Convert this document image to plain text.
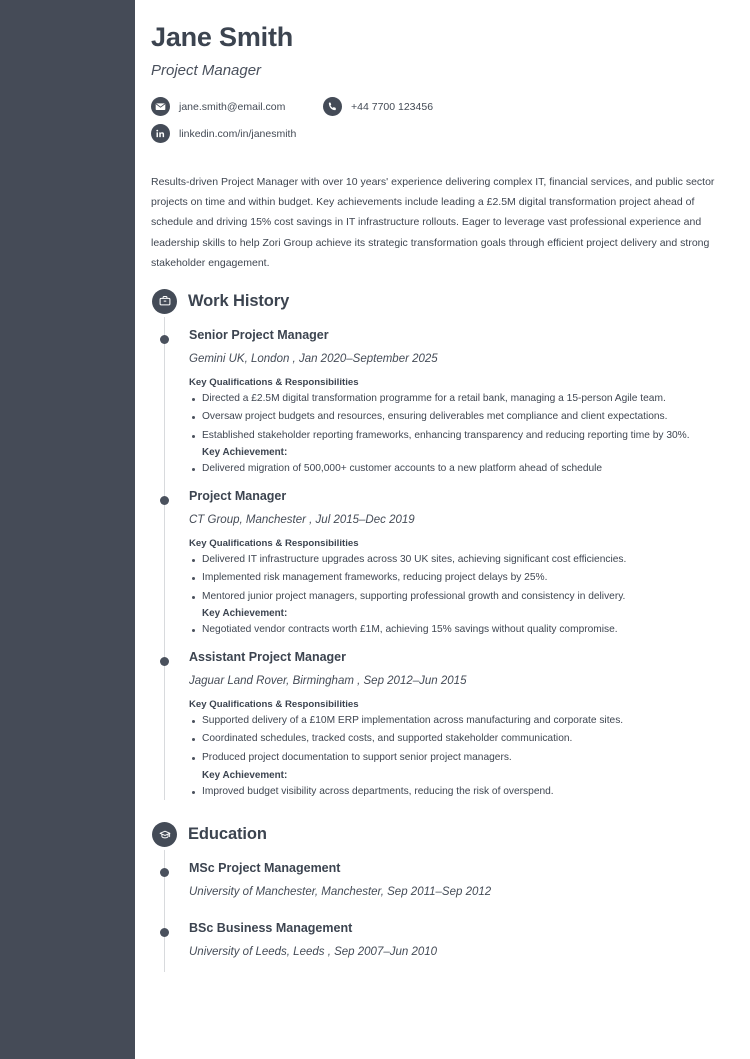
Jane Smith
Project Manager
jane.smith@email.com	+44 7700 123456
linkedin.com/in/janesmith
Results-driven Project Manager with over 10 years' experience delivering complex IT, financial services, and public sector projects on time and within budget. Key achievements include leading a £2.5M digital transformation project ahead of schedule and driving 15% cost savings in IT infrastructure rollouts. Eager to leverage vast professional experience and leadership skills to help Zori Group achieve its strategic transformation goals through efficient project delivery and strong stakeholder engagement.
Work History
Senior Project Manager
Gemini UK, London , Jan 2020–September 2025
Key Qualifications & Responsibilities
Directed a £2.5M digital transformation programme for a retail bank, managing a 15-person Agile team.
Oversaw project budgets and resources, ensuring deliverables met compliance and client expectations.
Established stakeholder reporting frameworks, enhancing transparency and reducing reporting time by 30%.
Key Achievement:
Delivered migration of 500,000+ customer accounts to a new platform ahead of schedule
Project Manager
CT Group, Manchester , Jul 2015–Dec 2019
Key Qualifications & Responsibilities
Delivered IT infrastructure upgrades across 30 UK sites, achieving significant cost efficiencies.
Implemented risk management frameworks, reducing project delays by 25%.
Mentored junior project managers, supporting professional growth and consistency in delivery.
Key Achievement:
Negotiated vendor contracts worth £1M, achieving 15% savings without quality compromise.
Assistant Project Manager
Jaguar Land Rover, Birmingham , Sep 2012–Jun 2015
Key Qualifications & Responsibilities
Supported delivery of a £10M ERP implementation across manufacturing and corporate sites.
Coordinated schedules, tracked costs, and supported stakeholder communication.
Produced project documentation to support senior project managers.
Key Achievement:
Improved budget visibility across departments, reducing the risk of overspend.
Education
MSc Project Management
University of Manchester, Manchester, Sep 2011–Sep 2012
BSc Business Management
University of Leeds, Leeds , Sep 2007–Jun 2010
